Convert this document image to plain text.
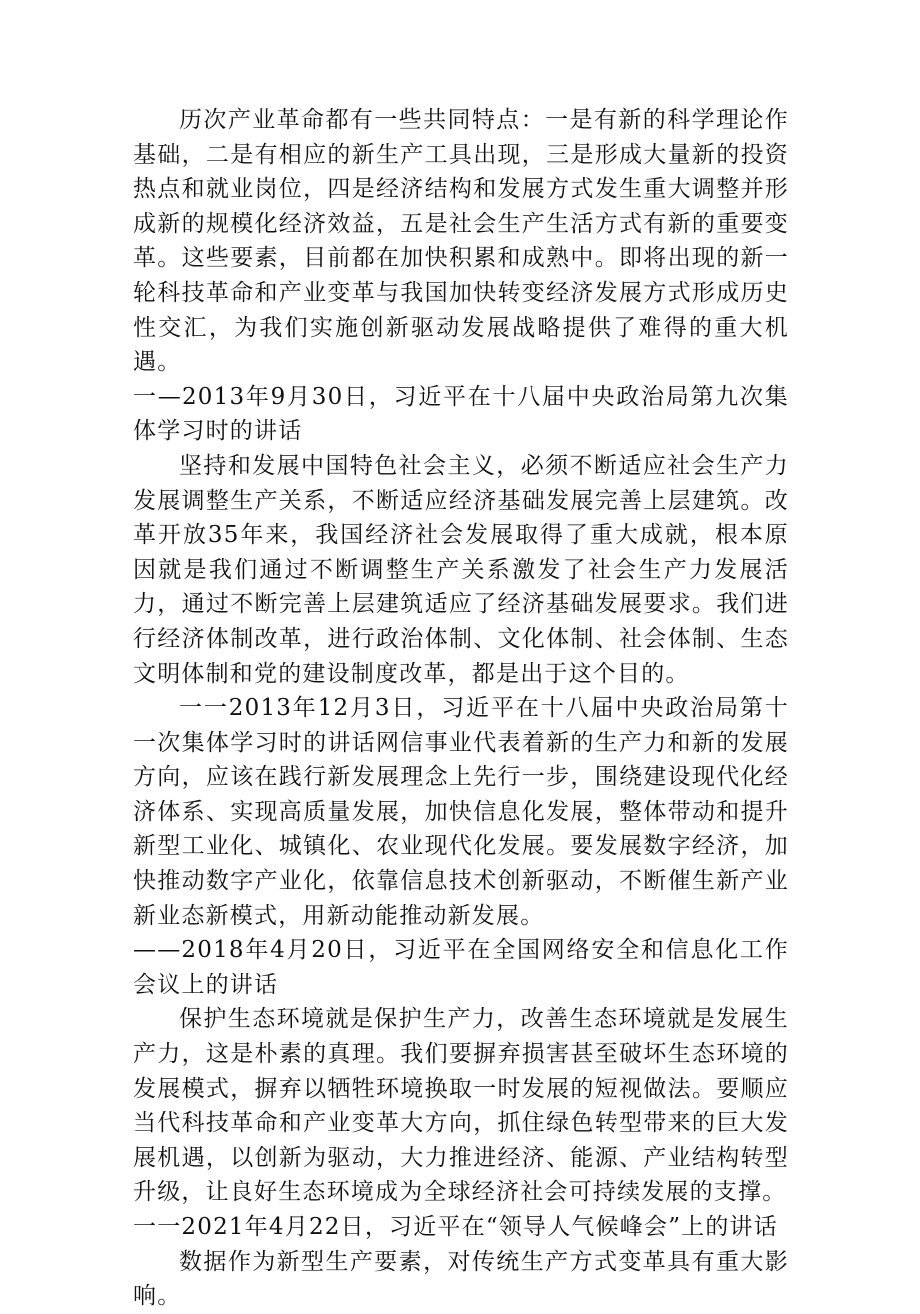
历次产业革命都有一些共同特点：一是有新的科学理论作基础，二是有相应的新生产工具出现，三是形成大量新的投资热点和就业岗位，四是经济结构和发展方式发生重大调整并形成新的规模化经济效益，五是社会生产生活方式有新的重要变革。这些要素，目前都在加快积累和成熟中。即将出现的新一轮科技革命和产业变革与我国加快转变经济发展方式形成历史性交汇，为我们实施创新驱动发展战略提供了难得的重大机遇。

一—2013年9月30日，习近平在十八届中央政治局第九次集体学习时的讲话

坚持和发展中国特色社会主义，必须不断适应社会生产力发展调整生产关系，不断适应经济基础发展完善上层建筑。改革开放35年来，我国经济社会发展取得了重大成就，根本原因就是我们通过不断调整生产关系激发了社会生产力发展活力，通过不断完善上层建筑适应了经济基础发展要求。我们进行经济体制改革，进行政治体制、文化体制、社会体制、生态文明体制和党的建设制度改革，都是出于这个目的。

一一2013年12月3日，习近平在十八届中央政治局第十一次集体学习时的讲话网信事业代表着新的生产力和新的发展方向，应该在践行新发展理念上先行一步，围绕建设现代化经济体系、实现高质量发展，加快信息化发展，整体带动和提升新型工业化、城镇化、农业现代化发展。要发展数字经济，加快推动数字产业化，依靠信息技术创新驱动，不断催生新产业新业态新模式，用新动能推动新发展。

——2018年4月20日，习近平在全国网络安全和信息化工作会议上的讲话

保护生态环境就是保护生产力，改善生态环境就是发展生产力，这是朴素的真理。我们要摒弃损害甚至破坏生态环境的发展模式，摒弃以牺牲环境换取一时发展的短视做法。要顺应当代科技革命和产业变革大方向，抓住绿色转型带来的巨大发展机遇，以创新为驱动，大力推进经济、能源、产业结构转型升级，让良好生态环境成为全球经济社会可持续发展的支撑。

一一2021年4月22日，习近平在“领导人气候峰会”上的讲话

数据作为新型生产要素，对传统生产方式变革具有重大影响。
